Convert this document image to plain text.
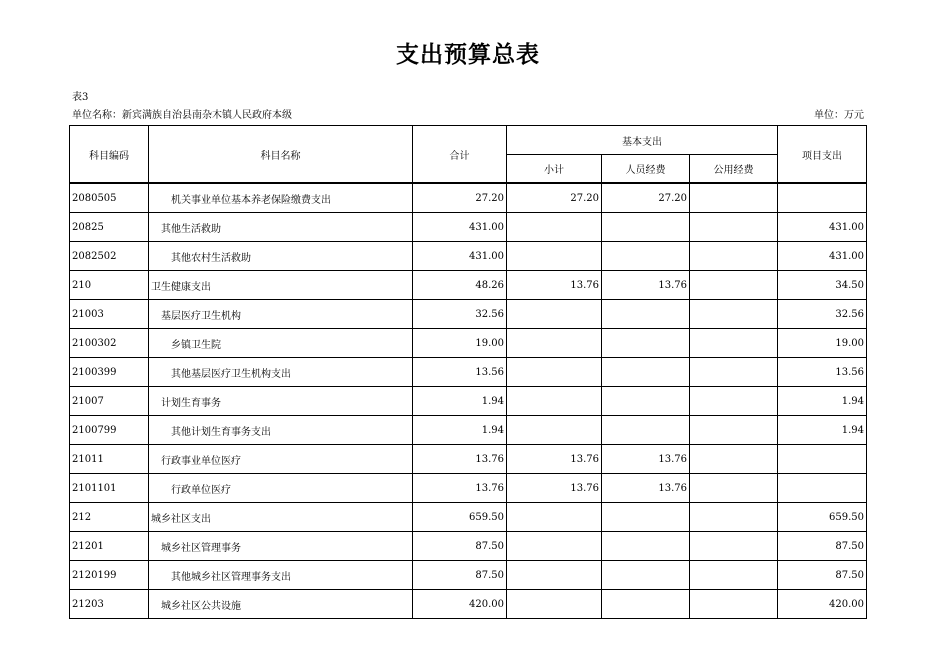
支出预算总表
表3
单位名称：新宾满族自治县南杂木镇人民政府本级	单位：万元
科目编码	科目名称	合计	基本支出			项目支出
			小计	人员经费	公用经费	
2080505	机关事业单位基本养老保险缴费支出	27.20	27.20	27.20		
20825	其他生活救助	431.00				431.00
2082502	其他农村生活救助	431.00				431.00
210	卫生健康支出	48.26	13.76	13.76		34.50
21003	基层医疗卫生机构	32.56				32.56
2100302	乡镇卫生院	19.00				19.00
2100399	其他基层医疗卫生机构支出	13.56				13.56
21007	计划生育事务	1.94				1.94
2100799	其他计划生育事务支出	1.94				1.94
21011	行政事业单位医疗	13.76	13.76	13.76		
2101101	行政单位医疗	13.76	13.76	13.76		
212	城乡社区支出	659.50				659.50
21201	城乡社区管理事务	87.50				87.50
2120199	其他城乡社区管理事务支出	87.50				87.50
21203	城乡社区公共设施	420.00				420.00
